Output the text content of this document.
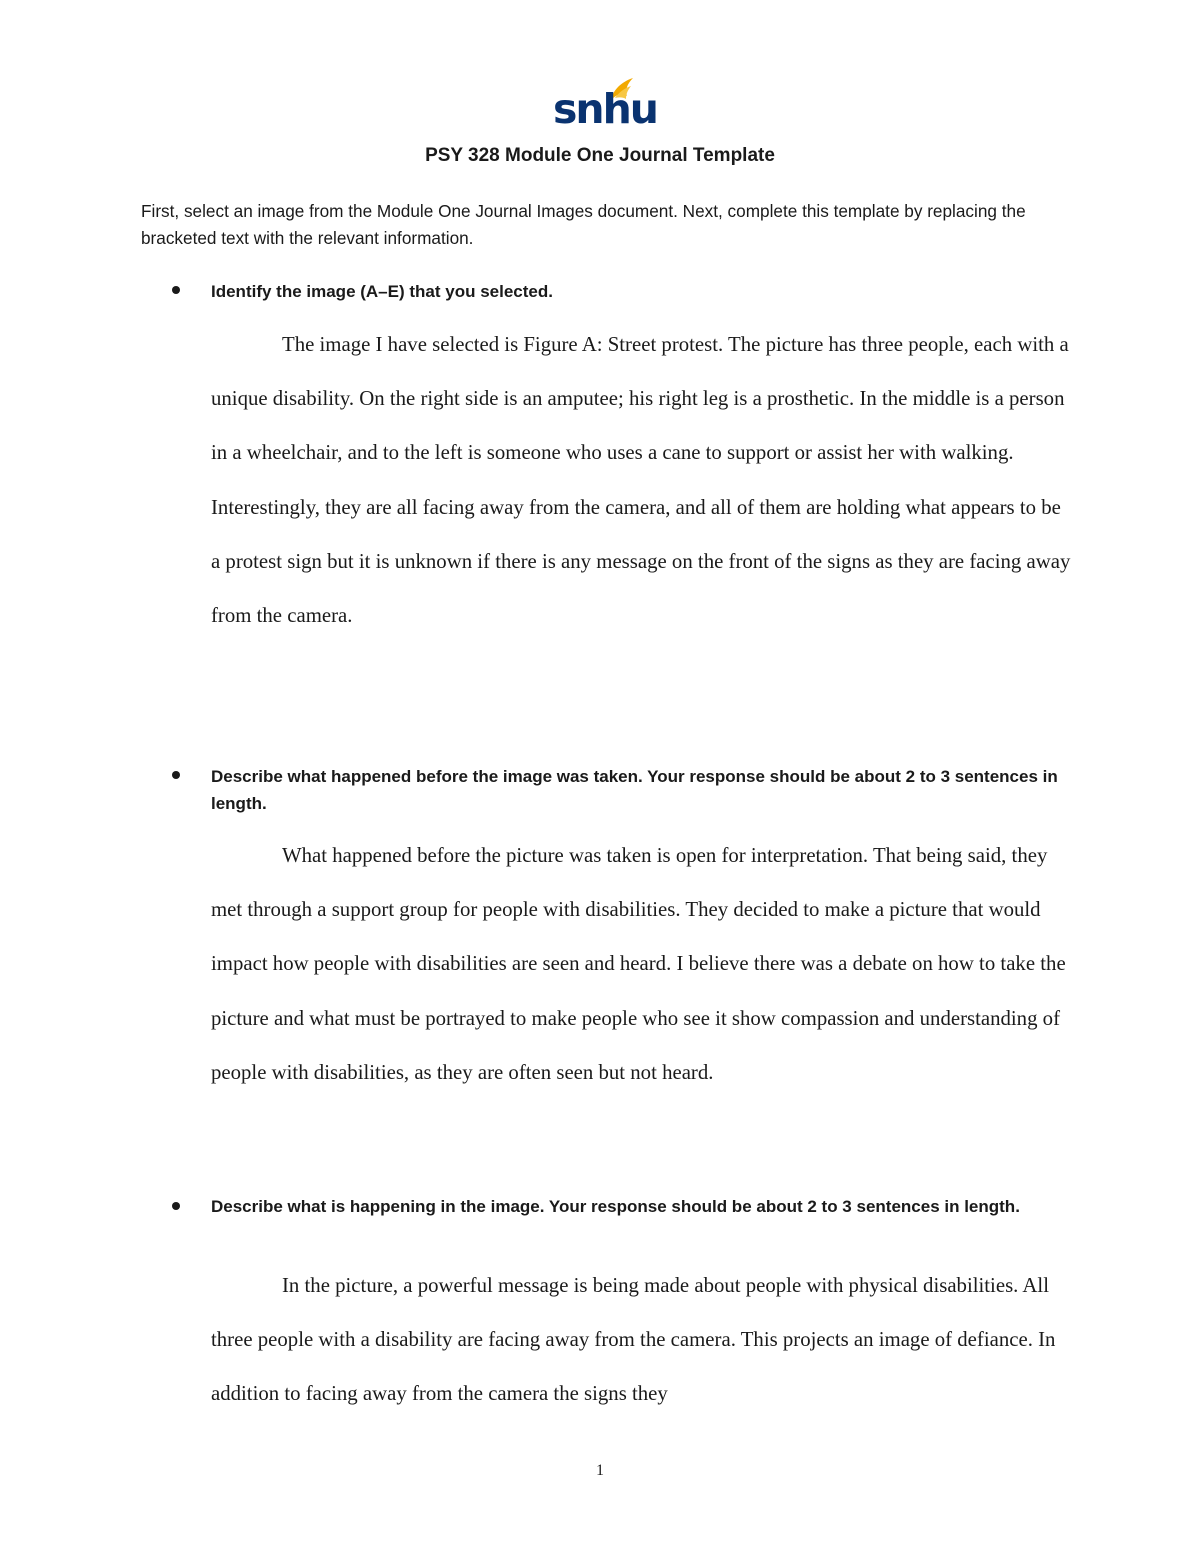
snhu
PSY 328 Module One Journal Template

First, select an image from the Module One Journal Images document. Next, complete this template by replacing the bracketed text with the relevant information.

Identify the image (A–E) that you selected.

The image I have selected is Figure A: Street protest. The picture has three people, each with a unique disability. On the right side is an amputee; his right leg is a prosthetic. In the middle is a person in a wheelchair, and to the left is someone who uses a cane to support or assist her with walking. Interestingly, they are all facing away from the camera, and all of them are holding what appears to be a protest sign but it is unknown if there is any message on the front of the signs as they are facing away from the camera.

Describe what happened before the image was taken. Your response should be about 2 to 3 sentences in length.

What happened before the picture was taken is open for interpretation. That being said, they met through a support group for people with disabilities. They decided to make a picture that would impact how people with disabilities are seen and heard. I believe there was a debate on how to take the picture and what must be portrayed to make people who see it show compassion and understanding of people with disabilities, as they are often seen but not heard.

Describe what is happening in the image. Your response should be about 2 to 3 sentences in length.

In the picture, a powerful message is being made about people with physical disabilities. All three people with a disability are facing away from the camera. This projects an image of defiance. In addition to facing away from the camera the signs they

1
